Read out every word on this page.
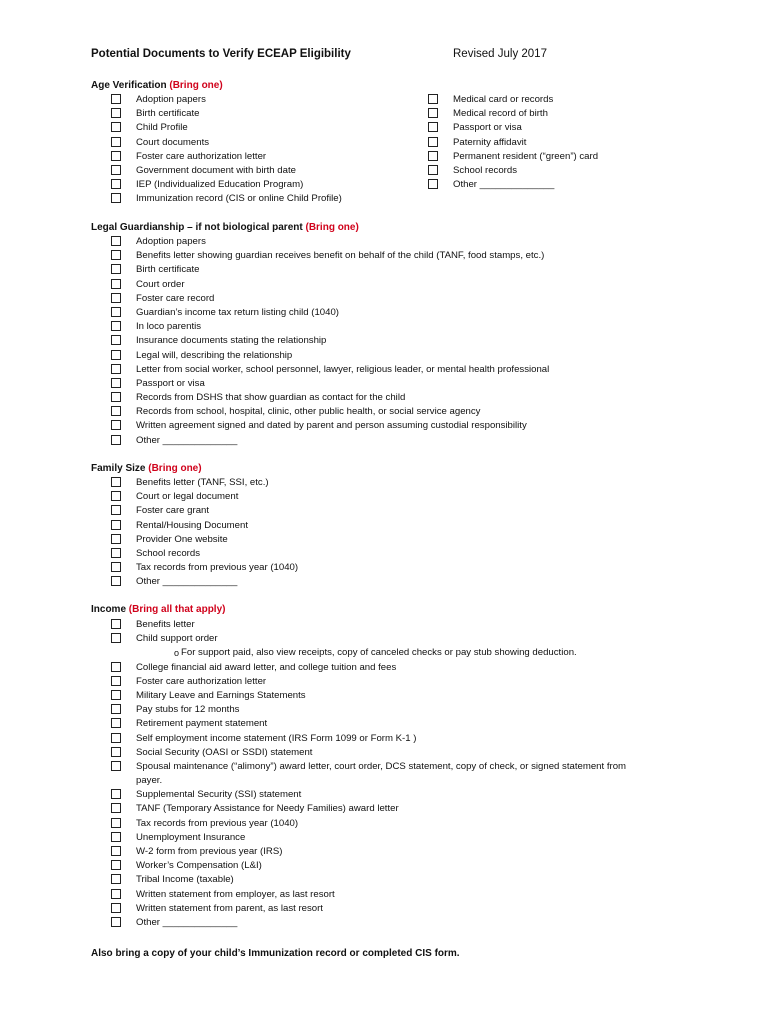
Potential Documents to Verify ECEAP Eligibility	Revised July 2017
Age Verification (Bring one)
Adoption papers
Birth certificate
Child Profile
Court documents
Foster care authorization letter
Government document with birth date
IEP (Individualized Education Program)
Immunization record (CIS or online Child Profile)
Medical card or records
Medical record of birth
Passport or visa
Paternity affidavit
Permanent resident (“green”) card
School records
Other ______________
Legal Guardianship – if not biological parent (Bring one)
Adoption papers
Benefits letter showing guardian receives benefit on behalf of the child (TANF, food stamps, etc.)
Birth certificate
Court order
Foster care record
Guardian’s income tax return listing child (1040)
In loco parentis
Insurance documents stating the relationship
Legal will, describing the relationship
Letter from social worker, school personnel, lawyer, religious leader, or mental health professional
Passport or visa
Records from DSHS that show guardian as contact for the child
Records from school, hospital, clinic, other public health, or social service agency
Written agreement signed and dated by parent and person assuming custodial responsibility
Other ______________
Family Size (Bring one)
Benefits letter (TANF, SSI, etc.)
Court or legal document
Foster care grant
Rental/Housing Document
Provider One website
School records
Tax records from previous year (1040)
Other ______________
Income (Bring all that apply)
Benefits letter
Child support order
o For support paid, also view receipts, copy of canceled checks or pay stub showing deduction.
College financial aid award letter, and college tuition and fees
Foster care authorization letter
Military Leave and Earnings Statements
Pay stubs for 12 months
Retirement payment statement
Self employment income statement (IRS Form 1099 or Form K-1 )
Social Security (OASI or SSDI) statement
Spousal maintenance (“alimony”) award letter, court order, DCS statement, copy of check, or signed statement from
payer.
Supplemental Security (SSI) statement
TANF (Temporary Assistance for Needy Families) award letter
Tax records from previous year (1040)
Unemployment Insurance
W-2 form from previous year (IRS)
Worker’s Compensation (L&I)
Tribal Income (taxable)
Written statement from employer, as last resort
Written statement from parent, as last resort
Other ______________
Also bring a copy of your child’s Immunization record or completed CIS form.
